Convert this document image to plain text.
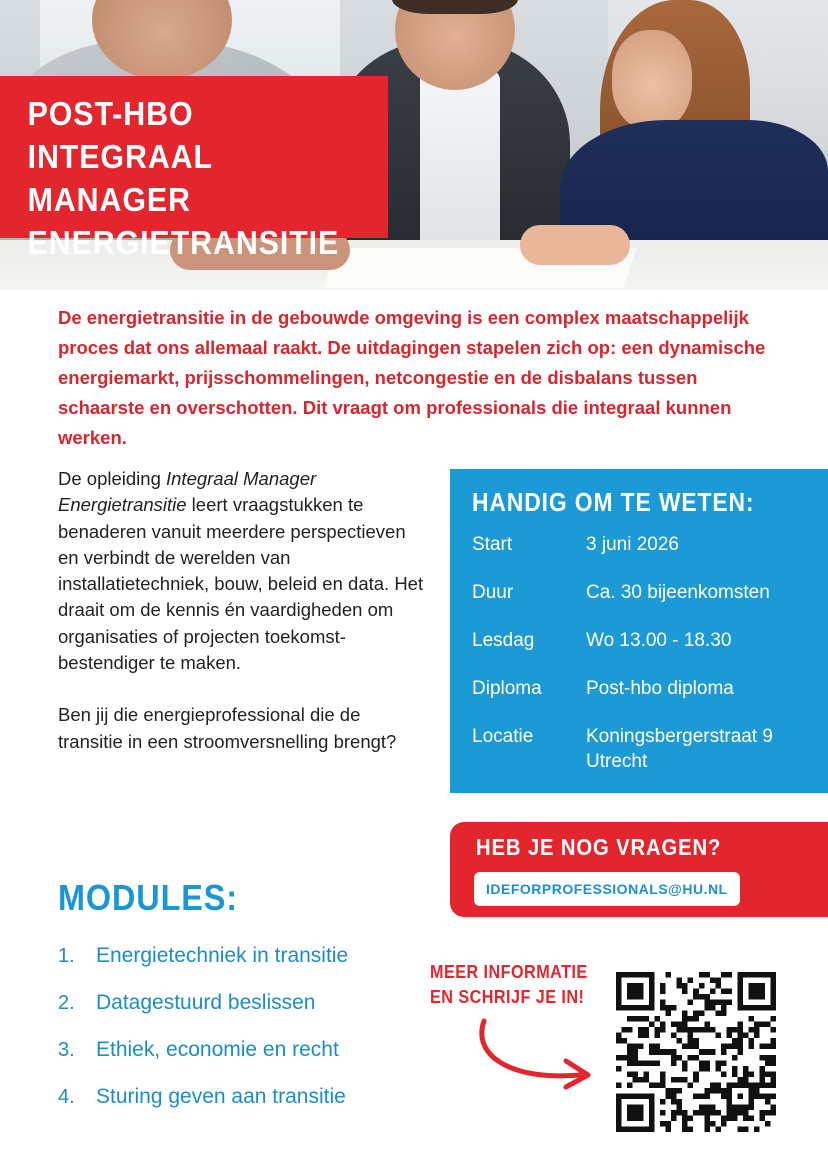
POST-HBO
INTEGRAAL MANAGER
ENERGIETRANSITIE

De energietransitie in de gebouwde omgeving is een complex maatschappelijk proces dat ons allemaal raakt. De uitdagingen stapelen zich op: een dynamische energiemarkt, prijsschommelingen, netcongestie en de disbalans tussen schaarste en overschotten. Dit vraagt om professionals die integraal kunnen werken.

De opleiding Integraal Manager Energietransitie leert vraagstukken te benaderen vanuit meerdere perspectieven en verbindt de werelden van installatietechniek, bouw, beleid en data. Het draait om de kennis én vaardigheden om organisaties of projecten toekomst-bestendiger te maken.

Ben jij die energieprofessional die de transitie in een stroomversnelling brengt?

MODULES:
1.	Energietechniek in transitie
2.	Datagestuurd beslissen
3.	Ethiek, economie en recht
4.	Sturing geven aan transitie
HANDIG OM TE WETEN:
Start	3 juni 2026
Duur	Ca. 30 bijeenkomsten
Lesdag	Wo 13.00 - 18.30
Diploma	Post-hbo diploma
Locatie	Koningsbergerstraat 9 Utrecht
HEB JE NOG VRAGEN?
IDEFORPROFESSIONALS@HU.NL
MEER INFORMATIE
EN SCHRIJF JE IN!
